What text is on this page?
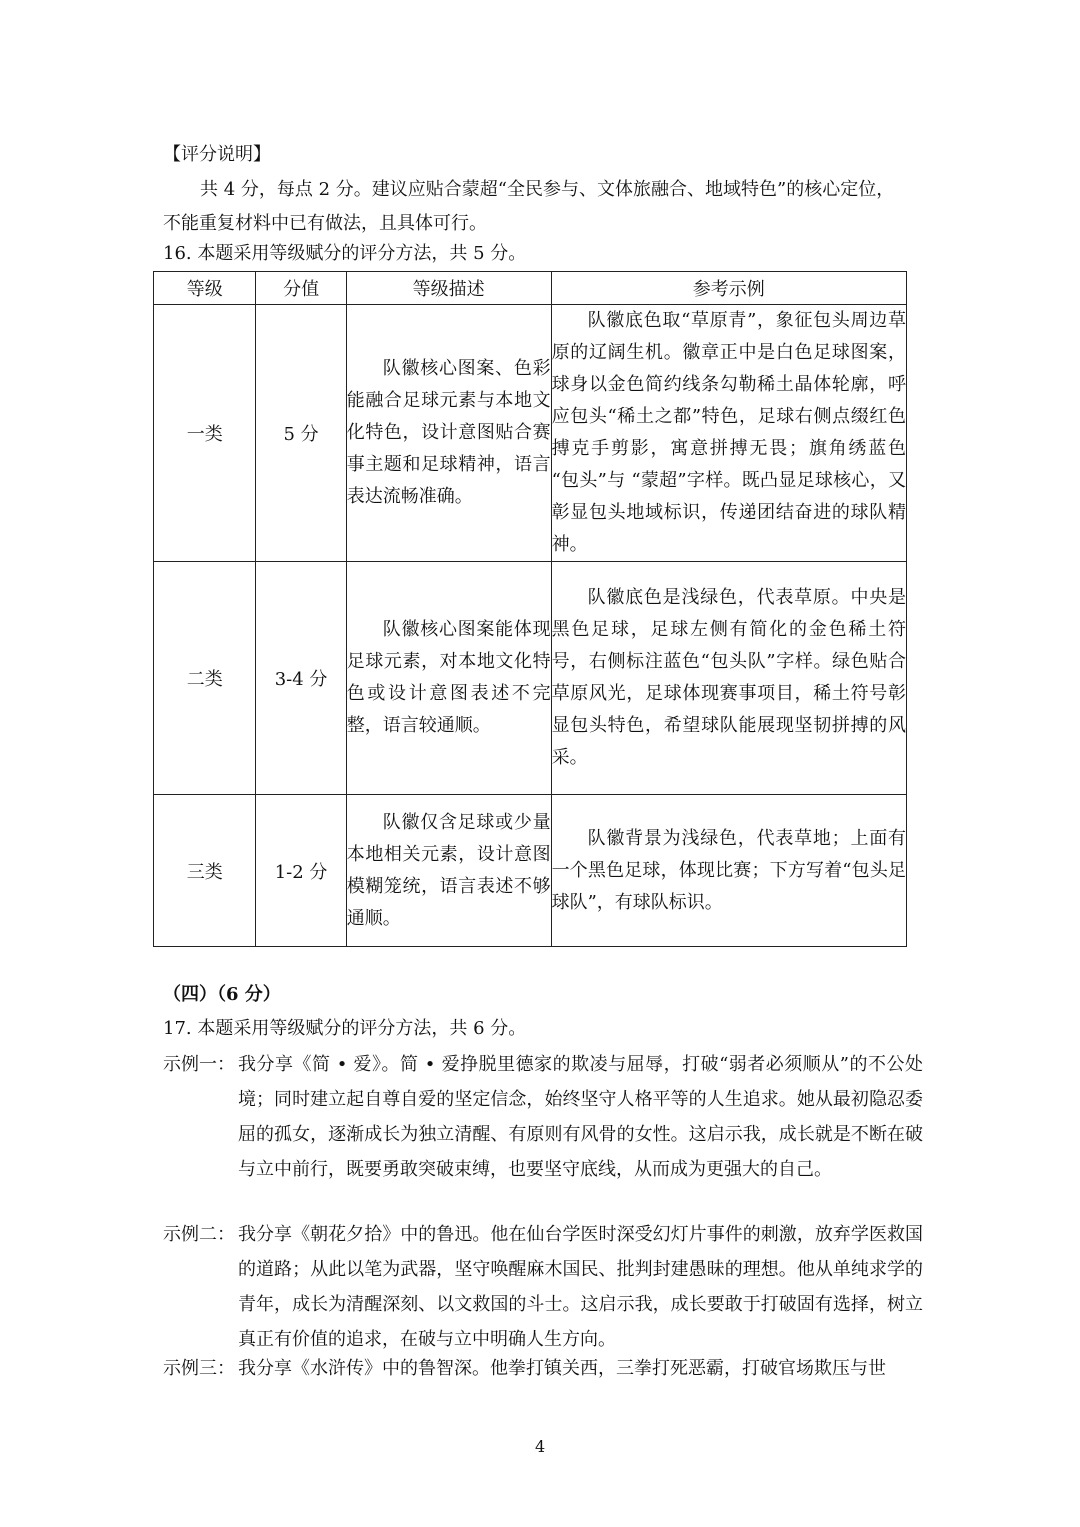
【评分说明】
共 4 分，每点 2 分。建议应贴合蒙超“全民参与、文体旅融合、地域特色”的核心定位，
不能重复材料中已有做法，且具体可行。
16. 本题采用等级赋分的评分方法，共 5 分。
等级	分值	等级描述	参考示例
一类	5 分	队徽核心图案、色彩能融合足球元素与本地文化特色，设计意图贴合赛事主题和足球精神，语言表达流畅准确。	队徽底色取“草原青”，象征包头周边草原的辽阔生机。徽章正中是白色足球图案，球身以金色简约线条勾勒稀土晶体轮廓，呼应包头“稀土之都”特色，足球右侧点缀红色搏克手剪影，寓意拼搏无畏；旗角绣蓝色 “包头”与 “蒙超”字样。既凸显足球核心，又彰显包头地域标识，传递团结奋进的球队精神。

二类	3-4 分	队徽核心图案能体现足球元素，对本地文化特色或设计意图表述不完整，语言较通顺。	队徽底色是浅绿色，代表草原。中央是黑色足球，足球左侧有简化的金色稀土符号，右侧标注蓝色“包头队”字样。绿色贴合草原风光，足球体现赛事项目，稀土符号彰显包头特色，希望球队能展现坚韧拼搏的风采。

三类	1-2 分	队徽仅含足球或少量本地相关元素，设计意图模糊笼统，语言表述不够通顺。	队徽背景为浅绿色，代表草地；上面有一个黑色足球，体现比赛；下方写着“包头足球队”，有球队标识。
（四）（6 分）
17. 本题采用等级赋分的评分方法，共 6 分。
示例一： 我分享《简 • 爱》。简 • 爱挣脱里德家的欺凌与屈辱，打破“弱者必须顺从”的不公处境；同时建立起自尊自爱的坚定信念，始终坚守人格平等的人生追求。她从最初隐忍委屈的孤女，逐渐成长为独立清醒、有原则有风骨的女性。这启示我，成长就是不断在破与立中前行，既要勇敢突破束缚，也要坚守底线，从而成为更强大的自己。
示例二： 我分享《朝花夕拾》中的鲁迅。他在仙台学医时深受幻灯片事件的刺激，放弃学医救国的道路；从此以笔为武器，坚守唤醒麻木国民、批判封建愚昧的理想。他从单纯求学的青年，成长为清醒深刻、以文救国的斗士。这启示我，成长要敢于打破固有选择，树立真正有价值的追求，在破与立中明确人生方向。
示例三： 我分享《水浒传》中的鲁智深。他拳打镇关西，三拳打死恶霸，打破官场欺压与世
4
